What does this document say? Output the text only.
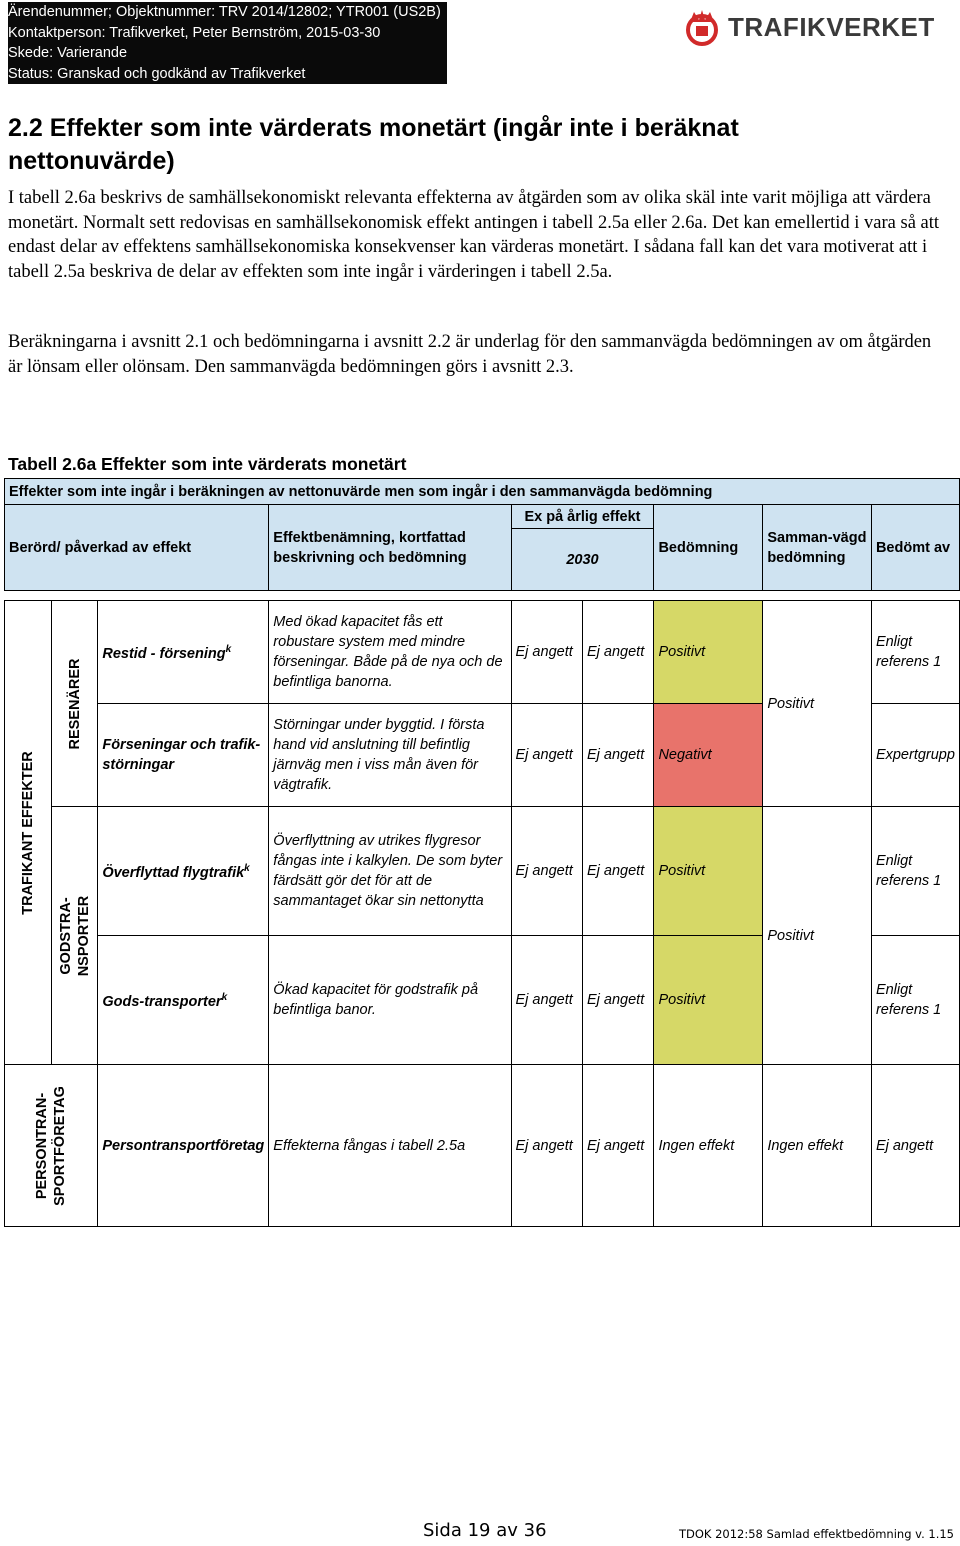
Ärendenummer; Objektnummer: TRV 2014/12802; YTR001 (US2B)
Kontaktperson: Trafikverket, Peter Bernström, 2015-03-30
Skede: Varierande
Status: Granskad och godkänd av Trafikverket
TRAFIKVERKET
2.2 Effekter som inte värderats monetärt (ingår inte i beräknat nettonuvärde)
I tabell 2.6a beskrivs de samhällsekonomiskt relevanta effekterna av åtgärden som av olika skäl inte varit möjliga att värdera monetärt. Normalt sett redovisas en samhällsekonomisk effekt antingen i tabell 2.5a eller 2.6a. Det kan emellertid i vara så att endast delar av effektens samhällsekonomiska konsekvenser kan värderas monetärt. I sådana fall kan det vara motiverat att i tabell 2.5a beskriva de delar av effekten som inte ingår i värderingen i tabell 2.5a.
Beräkningarna i avsnitt 2.1 och bedömningarna i avsnitt 2.2 är underlag för den sammanvägda bedömningen av om åtgärden är lönsam eller olönsam. Den sammanvägda bedömningen görs i avsnitt 2.3.
Tabell 2.6a Effekter som inte värderats monetärt
Effekter som inte ingår i beräkningen av nettonuvärde men som ingår i den sammanvägda bedömning								
Berörd/ påverkad av effekt			Effektbenämning, kortfattad beskrivning och bedömning	Ex på årlig effekt		Bedömning	Samman-vägd bedömning	Bedömt av
				2030				

TRAFIKANT EFFEKTER	RESENÄRER	Restid - försening$^k$	Med ökad kapacitet fås ett robustare system med mindre förseningar. Både på de nya och de befintliga banorna.	Ej angett	Ej angett	Positivt	Positivt	Enligt referens 1
		Förseningar och trafik-störningar	Störningar under byggtid. I första hand vid anslutning till befintlig järnväg men i viss mån även för vägtrafik.	Ej angett	Ej angett	Negativt		Expertgrupp

	GODSTRA-NSPORTER	Överflyttad flygtrafik$^k$	Överflyttning av utrikes flygresor fångas inte i kalkylen. De som byter färdsätt gör det för att de sammantaget ökar sin nettonytta	Ej angett	Ej angett	Positivt	Positivt	Enligt referens 1
		Gods-transporter$^k$	Ökad kapacitet för godstrafik på befintliga banor.	Ej angett	Ej angett	Positivt		Enligt referens 1

PERSONTRAN-SPORTFÖRETAG		Persontransportföretag	Effekterna fångas i tabell 2.5a	Ej angett	Ej angett	Ingen effekt	Ingen effekt	Ej angett
Sida 19 av 36	TDOK 2012:58 Samlad effektbedömning v. 1.15
